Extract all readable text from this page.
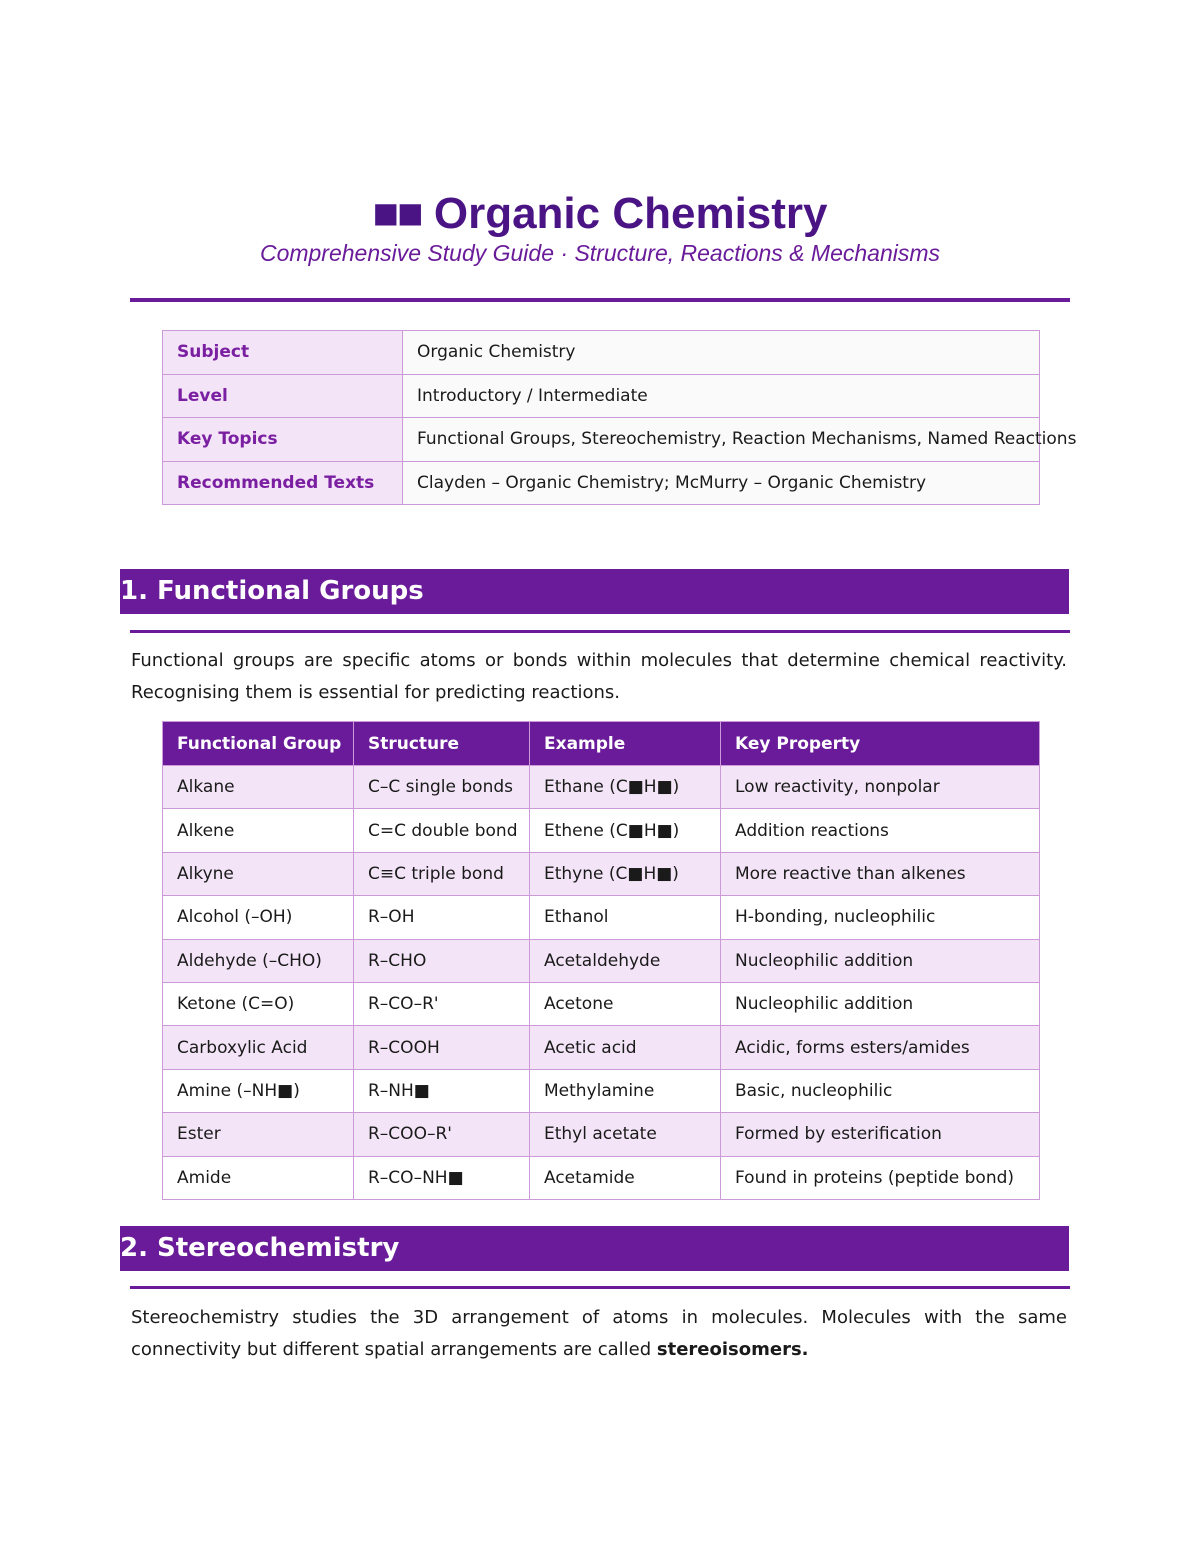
■■ Organic Chemistry
Comprehensive Study Guide · Structure, Reactions & Mechanisms
Subject	Organic Chemistry
Level	Introductory / Intermediate
Key Topics	Functional Groups, Stereochemistry, Reaction Mechanisms, Named Reactions
Recommended Texts	Clayden – Organic Chemistry; McMurry – Organic Chemistry
1. Functional Groups
Functional groups are specific atoms or bonds within molecules that determine chemical reactivity. Recognising them is essential for predicting reactions.
Functional Group	Structure	Example	Key Property
Alkane	C–C single bonds	Ethane (C■H■)	Low reactivity, nonpolar
Alkene	C=C double bond	Ethene (C■H■)	Addition reactions
Alkyne	C≡C triple bond	Ethyne (C■H■)	More reactive than alkenes
Alcohol (–OH)	R–OH	Ethanol	H-bonding, nucleophilic
Aldehyde (–CHO)	R–CHO	Acetaldehyde	Nucleophilic addition
Ketone (C=O)	R–CO–R'	Acetone	Nucleophilic addition
Carboxylic Acid	R–COOH	Acetic acid	Acidic, forms esters/amides
Amine (–NH■)	R–NH■	Methylamine	Basic, nucleophilic
Ester	R–COO–R'	Ethyl acetate	Formed by esterification
Amide	R–CO–NH■	Acetamide	Found in proteins (peptide bond)
2. Stereochemistry
Stereochemistry studies the 3D arrangement of atoms in molecules. Molecules with the same connectivity but different spatial arrangements are called stereoisomers.
